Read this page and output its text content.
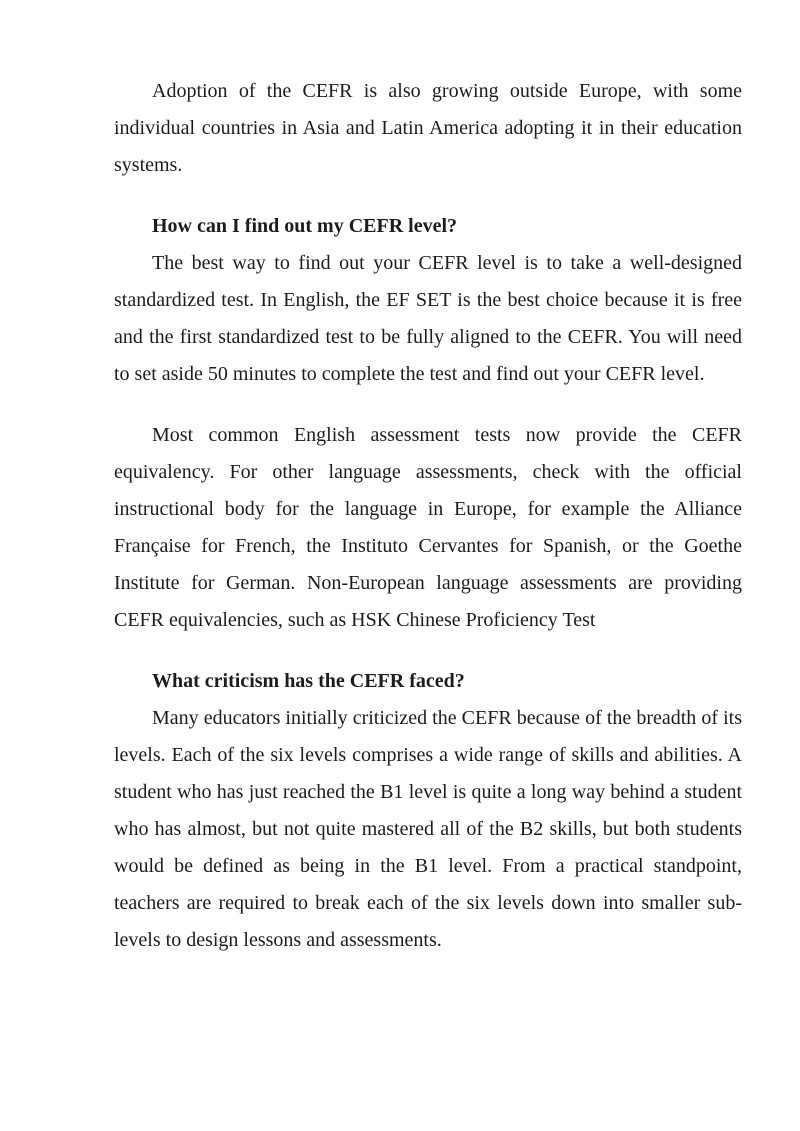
Adoption of the CEFR is also growing outside Europe, with some individual countries in Asia and Latin America adopting it in their education systems.

How can I find out my CEFR level?

The best way to find out your CEFR level is to take a well-designed standardized test. In English, the EF SET is the best choice because it is free and the first standardized test to be fully aligned to the CEFR. You will need to set aside 50 minutes to complete the test and find out your CEFR level.

Most common English assessment tests now provide the CEFR equivalency. For other language assessments, check with the official instructional body for the language in Europe, for example the Alliance Française for French, the Instituto Cervantes for Spanish, or the Goethe Institute for German. Non-European language assessments are providing CEFR equivalencies, such as HSK Chinese Proficiency Test

What criticism has the CEFR faced?

Many educators initially criticized the CEFR because of the breadth of its levels. Each of the six levels comprises a wide range of skills and abilities. A student who has just reached the B1 level is quite a long way behind a student who has almost, but not quite mastered all of the B2 skills, but both students would be defined as being in the B1 level. From a practical standpoint, teachers are required to break each of the six levels down into smaller sub-levels to design lessons and assessments.
